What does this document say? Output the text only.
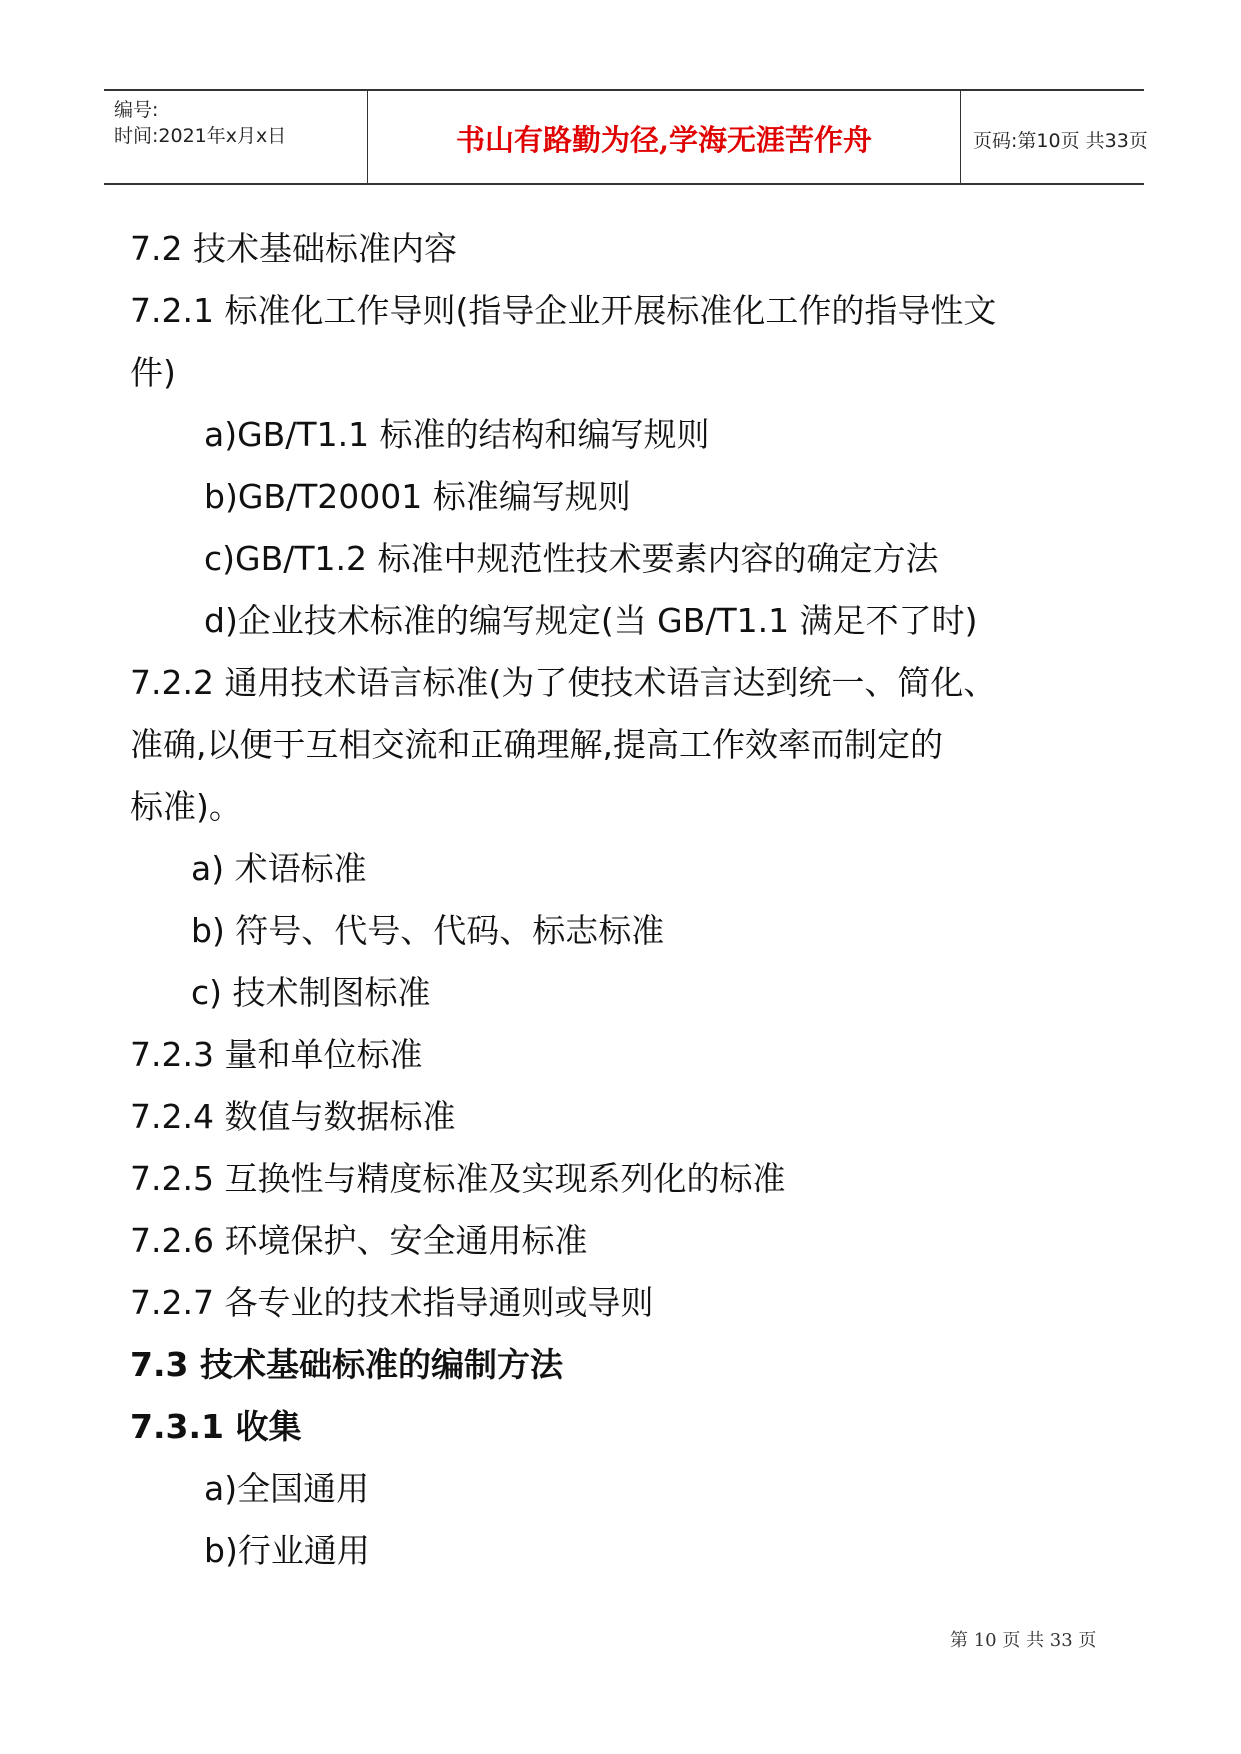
编号:
时间:2021年x月x日	书山有路勤为径,学海无涯苦作舟	页码:第10页 共33页
7.2 技术基础标准内容
7.2.1 标准化工作导则(指导企业开展标准化工作的指导性文
件)
a)GB/T1.1 标准的结构和编写规则
b)GB/T20001 标准编写规则
c)GB/T1.2 标准中规范性技术要素内容的确定方法
d)企业技术标准的编写规定(当 GB/T1.1 满足不了时)
7.2.2 通用技术语言标准(为了使技术语言达到统一、简化、
准确,以便于互相交流和正确理解,提高工作效率而制定的
标准)。
a) 术语标准
b) 符号、代号、代码、标志标准
c) 技术制图标准
7.2.3 量和单位标准
7.2.4 数值与数据标准
7.2.5 互换性与精度标准及实现系列化的标准
7.2.6 环境保护、安全通用标准
7.2.7 各专业的技术指导通则或导则
7.3 技术基础标准的编制方法
7.3.1 收集
a)全国通用
b)行业通用
第 10 页 共 33 页
